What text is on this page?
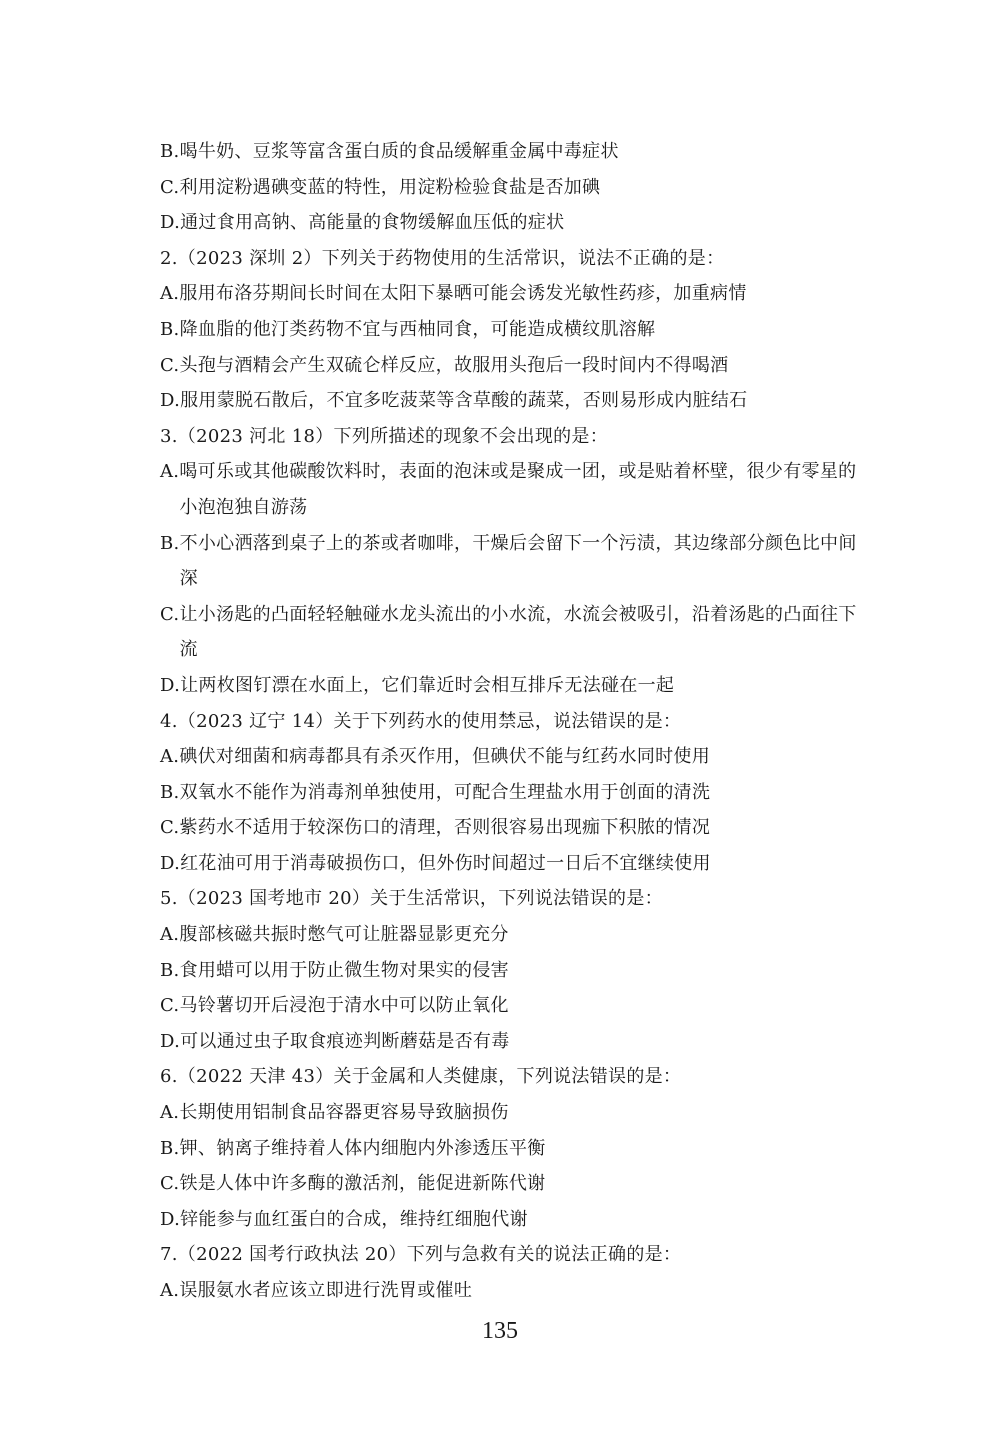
B. 喝牛奶、豆浆等富含蛋白质的食品缓解重金属中毒症状
C. 利用淀粉遇碘变蓝的特性，用淀粉检验食盐是否加碘
D. 通过食用高钠、高能量的食物缓解血压低的症状
2.（2023 深圳 2）下列关于药物使用的生活常识，说法不正确的是：
A. 服用布洛芬期间长时间在太阳下暴晒可能会诱发光敏性药疹，加重病情
B. 降血脂的他汀类药物不宜与西柚同食，可能造成横纹肌溶解
C. 头孢与酒精会产生双硫仑样反应，故服用头孢后一段时间内不得喝酒
D. 服用蒙脱石散后，不宜多吃菠菜等含草酸的蔬菜，否则易形成内脏结石
3.（2023 河北 18）下列所描述的现象不会出现的是：
A. 喝可乐或其他碳酸饮料时，表面的泡沫或是聚成一团，或是贴着杯壁，很少有零星的小泡泡独自游荡
B. 不小心洒落到桌子上的茶或者咖啡，干燥后会留下一个污渍，其边缘部分颜色比中间深
C. 让小汤匙的凸面轻轻触碰水龙头流出的小水流，水流会被吸引，沿着汤匙的凸面往下流
D. 让两枚图钉漂在水面上，它们靠近时会相互排斥无法碰在一起
4.（2023 辽宁 14）关于下列药水的使用禁忌，说法错误的是：
A. 碘伏对细菌和病毒都具有杀灭作用，但碘伏不能与红药水同时使用
B. 双氧水不能作为消毒剂单独使用，可配合生理盐水用于创面的清洗
C. 紫药水不适用于较深伤口的清理，否则很容易出现痂下积脓的情况
D. 红花油可用于消毒破损伤口，但外伤时间超过一日后不宜继续使用
5.（2023 国考地市 20）关于生活常识，下列说法错误的是：
A. 腹部核磁共振时憋气可让脏器显影更充分
B. 食用蜡可以用于防止微生物对果实的侵害
C. 马铃薯切开后浸泡于清水中可以防止氧化
D. 可以通过虫子取食痕迹判断蘑菇是否有毒
6.（2022 天津 43）关于金属和人类健康，下列说法错误的是：
A. 长期使用铝制食品容器更容易导致脑损伤
B. 钾、钠离子维持着人体内细胞内外渗透压平衡
C. 铁是人体中许多酶的激活剂，能促进新陈代谢
D. 锌能参与血红蛋白的合成，维持红细胞代谢
7.（2022 国考行政执法 20）下列与急救有关的说法正确的是：
A. 误服氨水者应该立即进行洗胃或催吐
135
